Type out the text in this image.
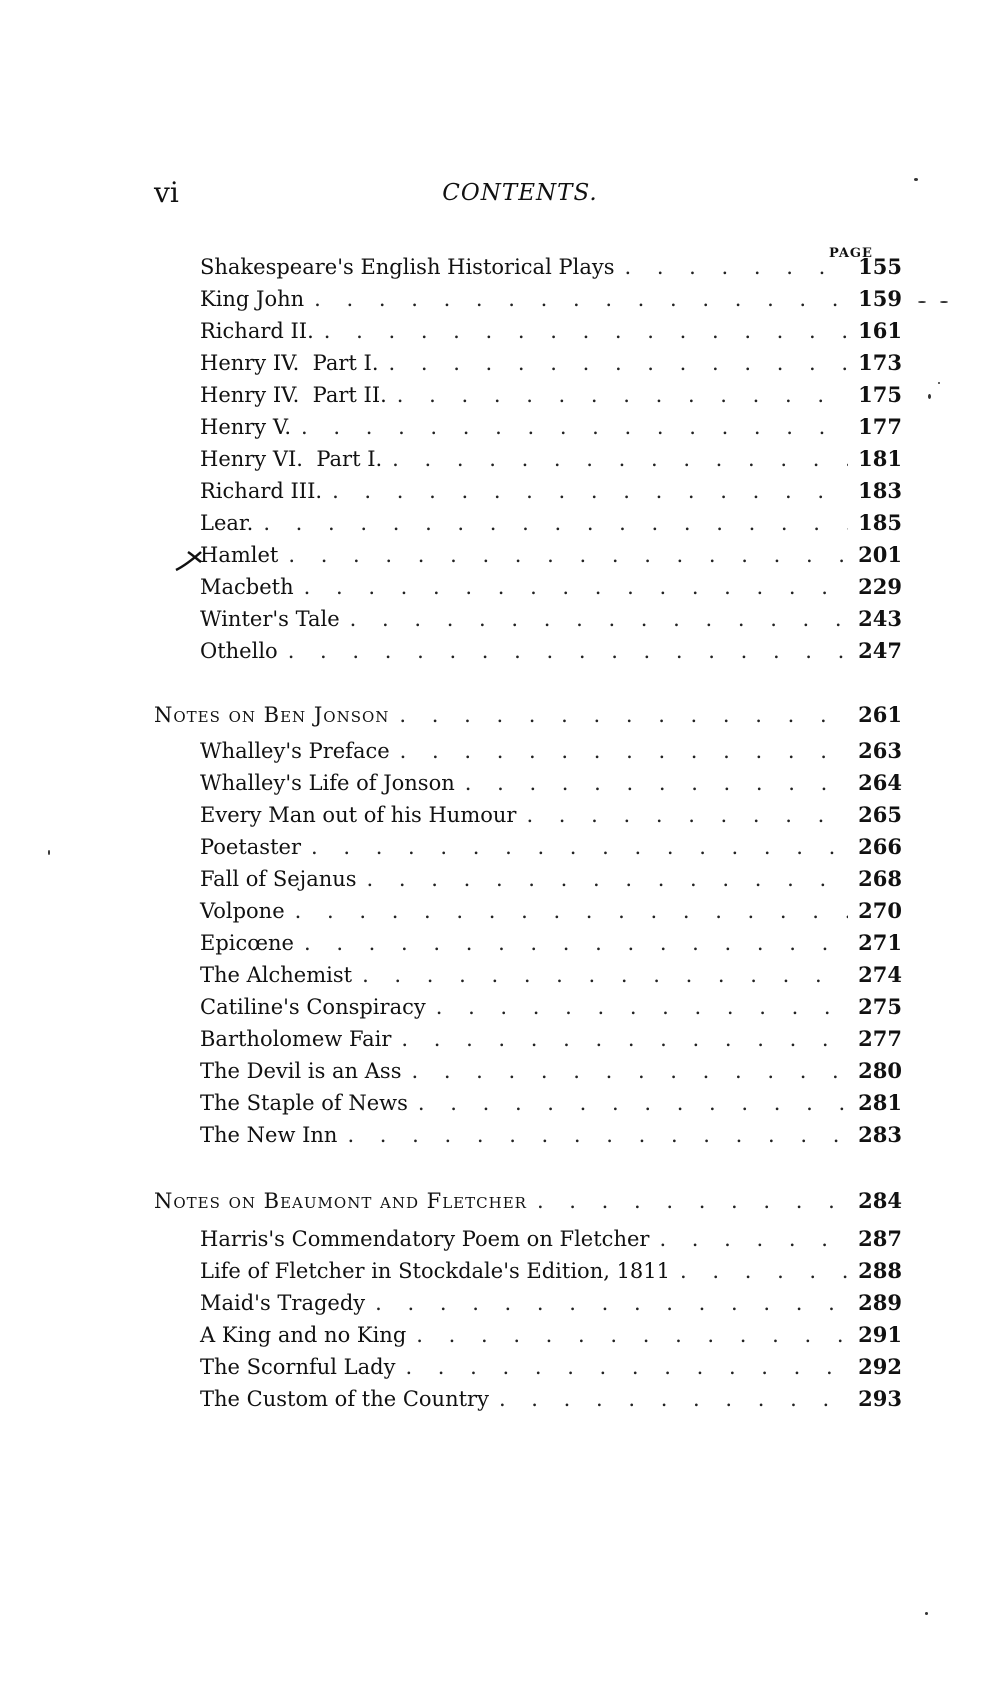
vi	CONTENTS.
PAGE
Shakespeare's English Historical Plays . . .	155
King John . . .	159
Richard II. . . .	161
Henry IV.  Part I. . . .	173
Henry IV.  Part II. . . .	175
Henry V. . . .	177
Henry VI.  Part I. . . .	181
Richard III. . . .	183
Lear. . . .	185
Hamlet . . .	201
Macbeth . . .	229
Winter's Tale . . .	243
Othello . . .	247
Notes on Ben Jonson . . .	261
Whalley's Preface . . .	263
Whalley's Life of Jonson . . .	264
Every Man out of his Humour . . .	265
Poetaster . . .	266
Fall of Sejanus . . .	268
Volpone . . .	270
Epicœne . . .	271
The Alchemist . . .	274
Catiline's Conspiracy . . .	275
Bartholomew Fair . . .	277
The Devil is an Ass . . .	280
The Staple of News . . .	281
The New Inn . . .	283
Notes on Beaumont and Fletcher . . .	284
Harris's Commendatory Poem on Fletcher . . .	287
Life of Fletcher in Stockdale's Edition, 1811 . . .	288
Maid's Tragedy . . .	289
A King and no King . . .	291
The Scornful Lady . . .	292
The Custom of the Country . . .	293
